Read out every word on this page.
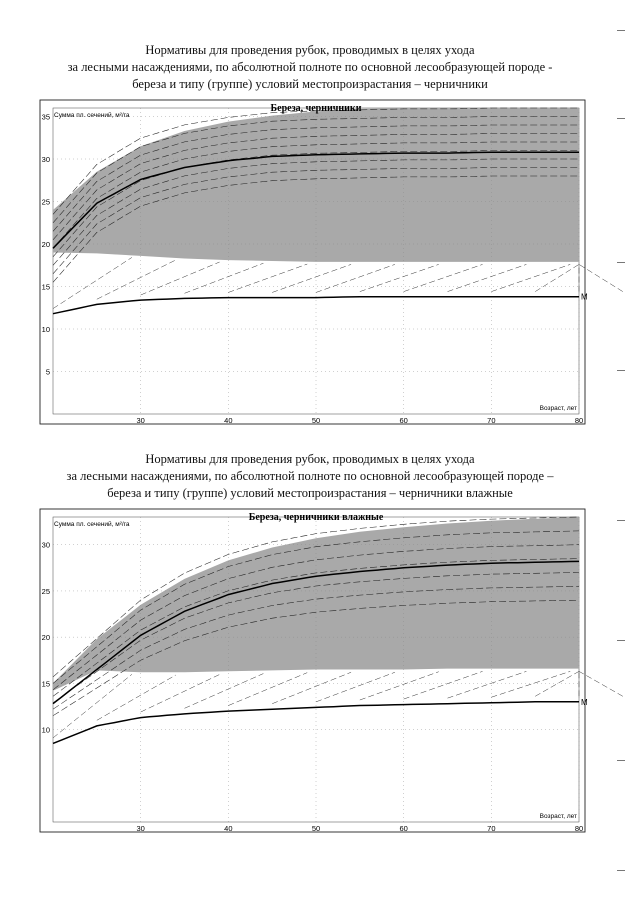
Нормативы для проведения рубок, проводимых в целях ухода
за лесными насаждениями, по абсолютной полноте по основной лесообразующей породе -
береза и типу (группе) условий местопроизрастания – черничники
М
5
10
15
20
25
30
35
30	40	50	60	70	80
Береза, черничники
Сумма пл. сечений, м²/га
Возраст, лет
Нормативы для проведения рубок, проводимых в целях ухода
за лесными насаждениями, по абсолютной полноте по основной лесообразующей породе –
береза и типу (группе) условий местопроизрастания – черничники влажные
М
10
15
20
25
30
30	40	50	60	70	80
Береза, черничники влажные
Сумма пл. сечений, м²/га
Возраст, лет
